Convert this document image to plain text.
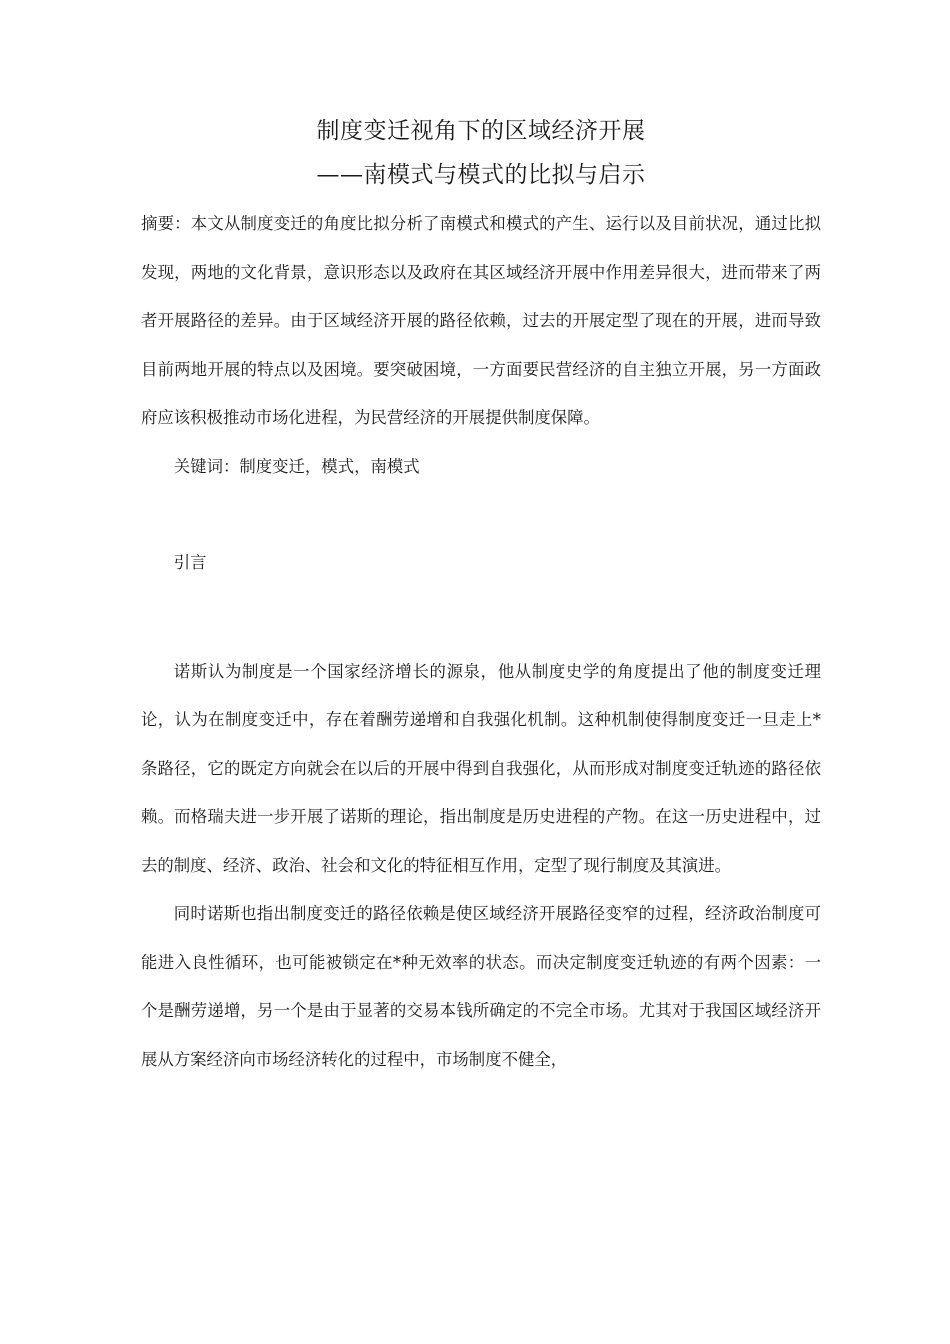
制度变迁视角下的区域经济开展
——南模式与模式的比拟与启示

摘要：本文从制度变迁的角度比拟分析了南模式和模式的产生、运行以及目前状况，通过比拟发现，两地的文化背景，意识形态以及政府在其区域经济开展中作用差异很大，进而带来了两者开展路径的差异。由于区域经济开展的路径依赖，过去的开展定型了现在的开展，进而导致目前两地开展的特点以及困境。要突破困境，一方面要民营经济的自主独立开展，另一方面政府应该积极推动市场化进程，为民营经济的开展提供制度保障。

关键词：制度变迁，模式，南模式

引言

诺斯认为制度是一个国家经济增长的源泉，他从制度史学的角度提出了他的制度变迁理论，认为在制度变迁中，存在着酬劳递增和自我强化机制。这种机制使得制度变迁一旦走上*条路径，它的既定方向就会在以后的开展中得到自我强化，从而形成对制度变迁轨迹的路径依赖。而格瑞夫进一步开展了诺斯的理论，指出制度是历史进程的产物。在这一历史进程中，过去的制度、经济、政治、社会和文化的特征相互作用，定型了现行制度及其演进。

同时诺斯也指出制度变迁的路径依赖是使区域经济开展路径变窄的过程，经济政治制度可能进入良性循环，也可能被锁定在*种无效率的状态。而决定制度变迁轨迹的有两个因素：一个是酬劳递增，另一个是由于显著的交易本钱所确定的不完全市场。尤其对于我国区域经济开展从方案经济向市场经济转化的过程中，市场制度不健全，
